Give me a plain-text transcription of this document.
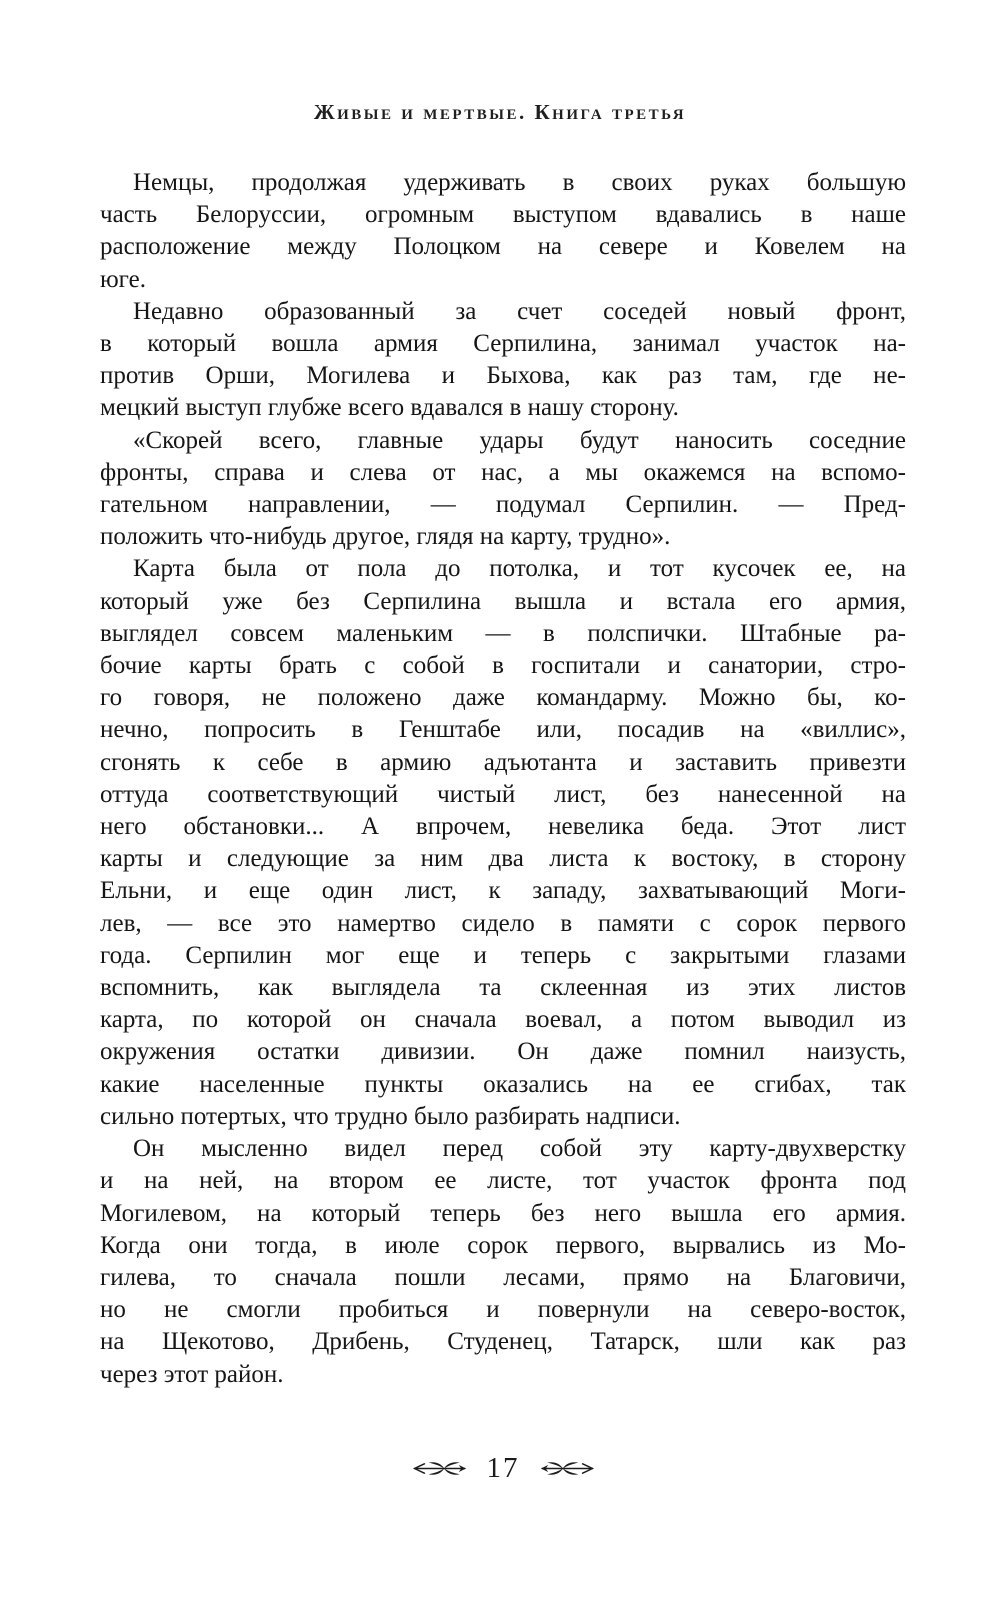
Живые и мертвые. Книга третья
Немцы, продолжая удерживать в своих руках большую
часть Белоруссии, огромным выступом вдавались в наше
расположение между Полоцком на севере и Ковелем на
юге.
Недавно образованный за счет соседей новый фронт,
в который вошла армия Серпилина, занимал участок на-
против Орши, Могилева и Быхова, как раз там, где не-
мецкий выступ глубже всего вдавался в нашу сторону.
«Скорей всего, главные удары будут наносить соседние
фронты, справа и слева от нас, а мы окажемся на вспомо-
гательном направлении, — подумал Серпилин. — Пред-
положить что-нибудь другое, глядя на карту, трудно».
Карта была от пола до потолка, и тот кусочек ее, на
который уже без Серпилина вышла и встала его армия,
выглядел совсем маленьким — в полспички. Штабные ра-
бочие карты брать с собой в госпитали и санатории, стро-
го говоря, не положено даже командарму. Можно бы, ко-
нечно, попросить в Генштабе или, посадив на «виллис»,
сгонять к себе в армию адъютанта и заставить привезти
оттуда соответствующий чистый лист, без нанесенной на
него обстановки... А впрочем, невелика беда. Этот лист
карты и следующие за ним два листа к востоку, в сторону
Ельни, и еще один лист, к западу, захватывающий Моги-
лев, — все это намертво сидело в памяти с сорок первого
года. Серпилин мог еще и теперь с закрытыми глазами
вспомнить, как выглядела та склеенная из этих листов
карта, по которой он сначала воевал, а потом выводил из
окружения остатки дивизии. Он даже помнил наизусть,
какие населенные пункты оказались на ее сгибах, так
сильно потертых, что трудно было разбирать надписи.
Он мысленно видел перед собой эту карту-двухверстку
и на ней, на втором ее листе, тот участок фронта под
Могилевом, на который теперь без него вышла его армия.
Когда они тогда, в июле сорок первого, вырвались из Мо-
гилева, то сначала пошли лесами, прямо на Благовичи,
но не смогли пробиться и повернули на северо-восток,
на Щекотово, Дрибень, Студенец, Татарск, шли как раз
через этот район.
17
